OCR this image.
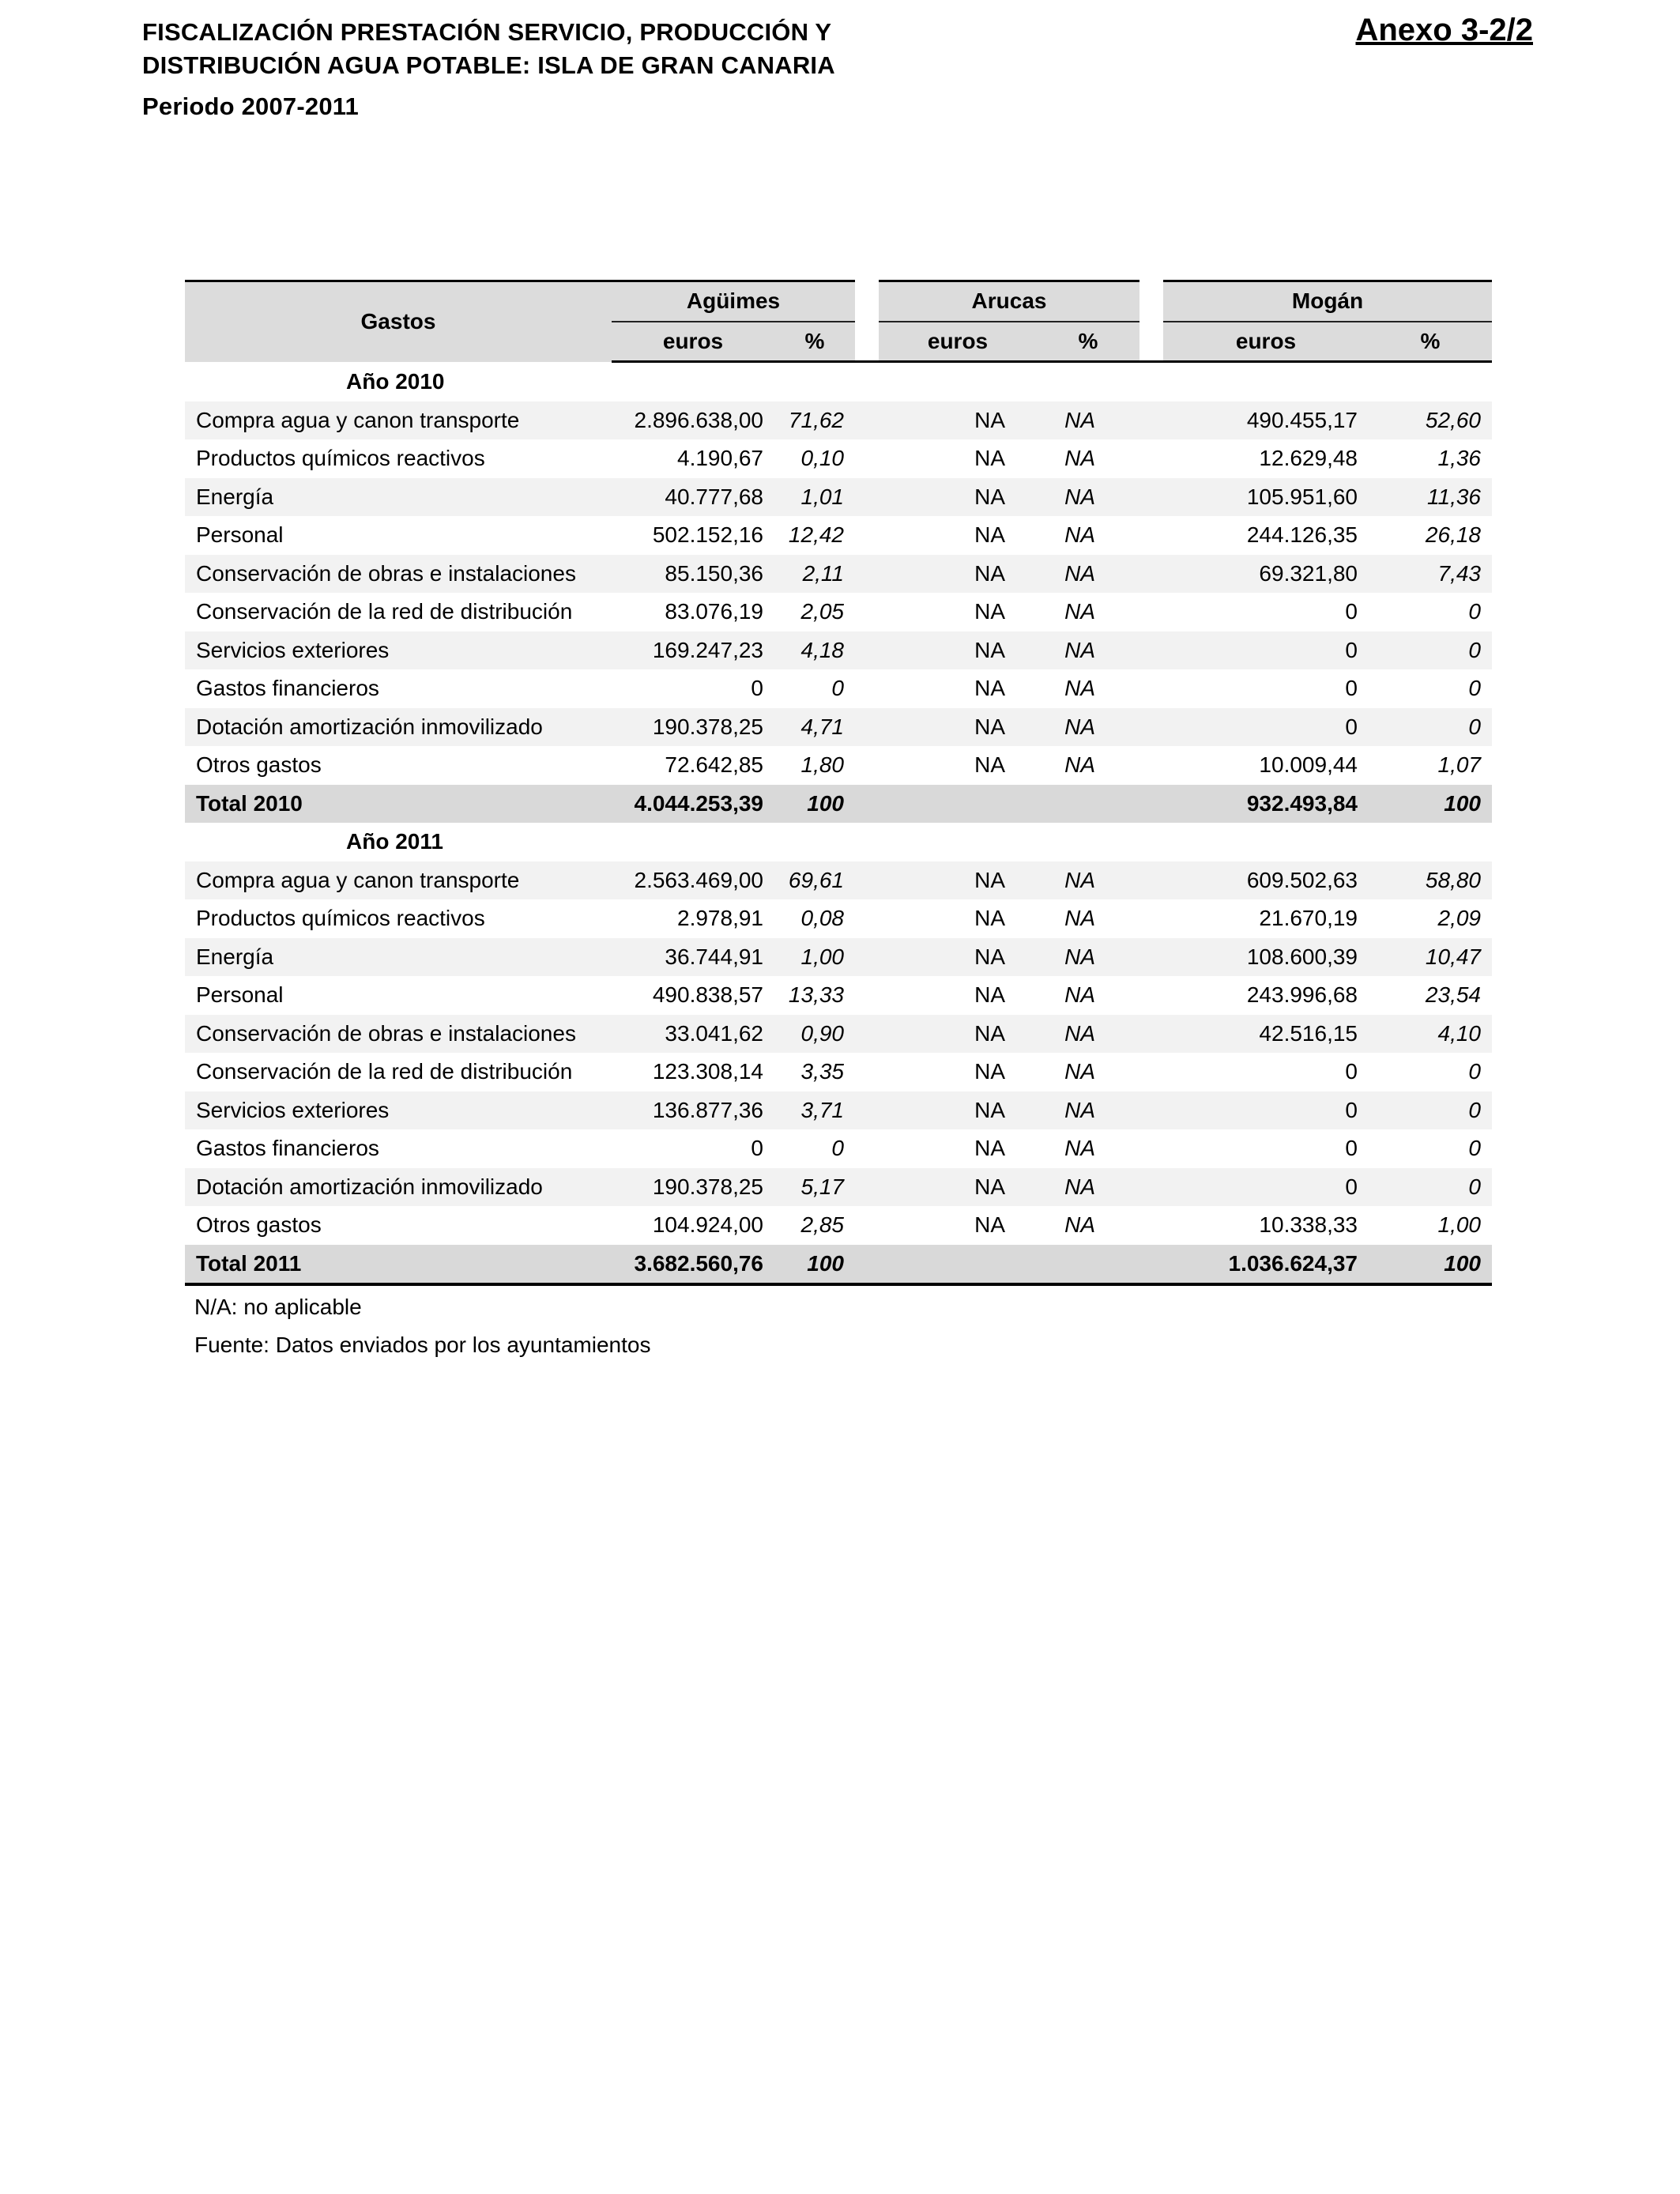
FISCALIZACIÓN PRESTACIÓN SERVICIO, PRODUCCIÓN Y
DISTRIBUCIÓN AGUA POTABLE: ISLA DE GRAN CANARIA
Periodo 2007-2011
Anexo 3-2/2
Gastos	Agüimes			Arucas			Mogán	
	euros	%		euros	%		euros	%
Año 2010								
Compra agua y canon transporte	2.896.638,00	71,62		NA	NA		490.455,17	52,60
Productos químicos reactivos	4.190,67	0,10		NA	NA		12.629,48	1,36
Energía	40.777,68	1,01		NA	NA		105.951,60	11,36
Personal	502.152,16	12,42		NA	NA		244.126,35	26,18
Conservación de obras e instalaciones	85.150,36	2,11		NA	NA		69.321,80	7,43
Conservación de la red de distribución	83.076,19	2,05		NA	NA		0	0
Servicios exteriores	169.247,23	4,18		NA	NA		0	0
Gastos financieros	0	0		NA	NA		0	0
Dotación amortización inmovilizado	190.378,25	4,71		NA	NA		0	0
Otros gastos	72.642,85	1,80		NA	NA		10.009,44	1,07
Total 2010	4.044.253,39	100					932.493,84	100
Año 2011								
Compra agua y canon transporte	2.563.469,00	69,61		NA	NA		609.502,63	58,80
Productos químicos reactivos	2.978,91	0,08		NA	NA		21.670,19	2,09
Energía	36.744,91	1,00		NA	NA		108.600,39	10,47
Personal	490.838,57	13,33		NA	NA		243.996,68	23,54
Conservación de obras e instalaciones	33.041,62	0,90		NA	NA		42.516,15	4,10
Conservación de la red de distribución	123.308,14	3,35		NA	NA		0	0
Servicios exteriores	136.877,36	3,71		NA	NA		0	0
Gastos financieros	0	0		NA	NA		0	0
Dotación amortización inmovilizado	190.378,25	5,17		NA	NA		0	0
Otros gastos	104.924,00	2,85		NA	NA		10.338,33	1,00
Total 2011	3.682.560,76	100					1.036.624,37	100
N/A: no aplicable
Fuente: Datos enviados por los ayuntamientos
